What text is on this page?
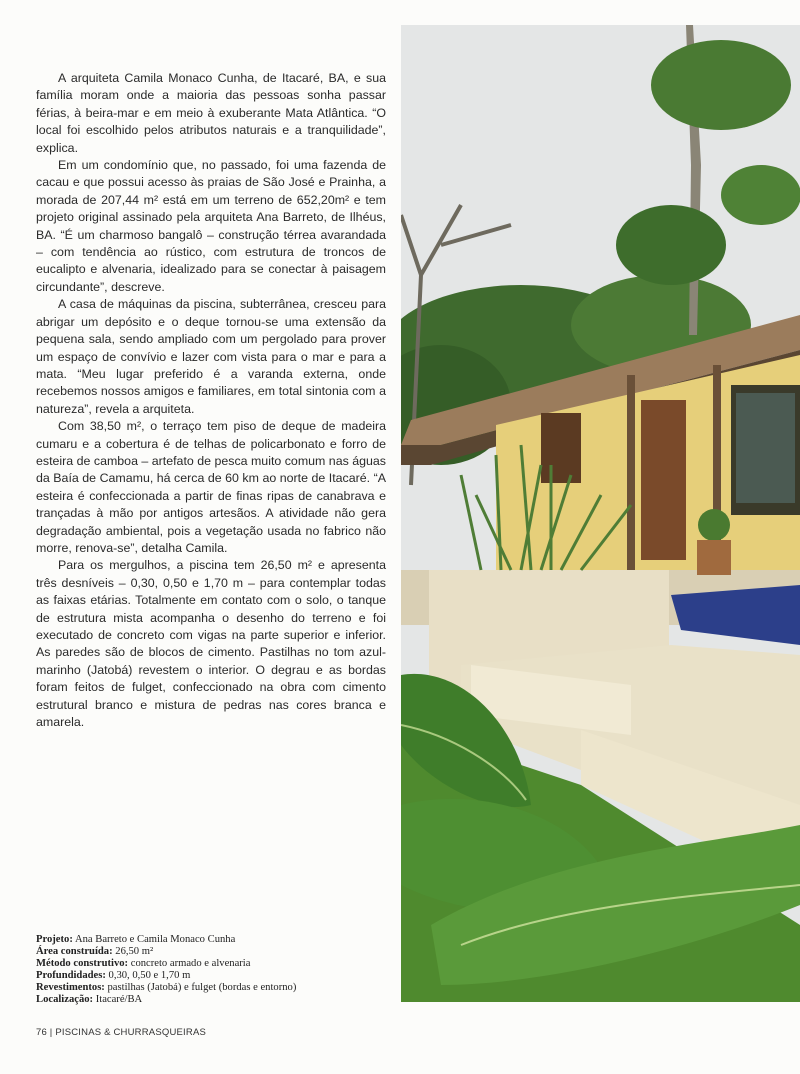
A arquiteta Camila Monaco Cunha, de Itacaré, BA, e sua família moram onde a maioria das pessoas sonha passar férias, à beira-mar e em meio à exuberante Mata Atlântica. “O local foi escolhido pelos atributos naturais e a tranquilidade”, explica.

Em um condomínio que, no passado, foi uma fazenda de cacau e que possui acesso às praias de São José e Prainha, a morada de 207,44 m² está em um terreno de 652,20m² e tem projeto original assinado pela arquiteta Ana Barreto, de Ilhéus, BA. “É um charmoso bangalô – construção térrea avarandada – com tendência ao rústico, com estrutura de troncos de eucalipto e alvenaria, idealizado para se conectar à paisagem circundante”, descreve.

A casa de máquinas da piscina, subterrânea, cresceu para abrigar um depósito e o deque tornou-se uma extensão da pequena sala, sendo ampliado com um pergolado para prover um espaço de convívio e lazer com vista para o mar e para a mata. “Meu lugar preferido é a varanda externa, onde recebemos nossos amigos e familiares, em total sintonia com a natureza”, revela a arquiteta.

Com 38,50 m², o terraço tem piso de deque de madeira cumaru e a cobertura é de telhas de policarbonato e forro de esteira de camboa – artefato de pesca muito comum nas águas da Baía de Camamu, há cerca de 60 km ao norte de Itacaré. “A esteira é confeccionada a partir de finas ripas de canabrava e trançadas à mão por antigos artesãos. A atividade não gera degradação ambiental, pois a vegetação usada no fabrico não morre, renova-se”, detalha Camila.

Para os mergulhos, a piscina tem 26,50 m² e apresenta três desníveis – 0,30, 0,50 e 1,70 m – para contemplar todas as faixas etárias. Totalmente em contato com o solo, o tanque de estrutura mista acompanha o desenho do terreno e foi executado de concreto com vigas na parte superior e inferior. As paredes são de blocos de cimento. Pastilhas no tom azul-marinho (Jatobá) revestem o interior. O degrau e as bordas foram feitos de fulget, confeccionado na obra com cimento estrutural branco e mistura de pedras nas cores branca e amarela.

Projeto: Ana Barreto e Camila Monaco Cunha
Área construída: 26,50 m²
Método construtivo: concreto armado e alvenaria
Profundidades: 0,30, 0,50 e 1,70 m
Revestimentos: pastilhas (Jatobá) e fulget (bordas e entorno)
Localização: Itacaré/BA
76 | PISCINAS & CHURRASQUEIRAS
